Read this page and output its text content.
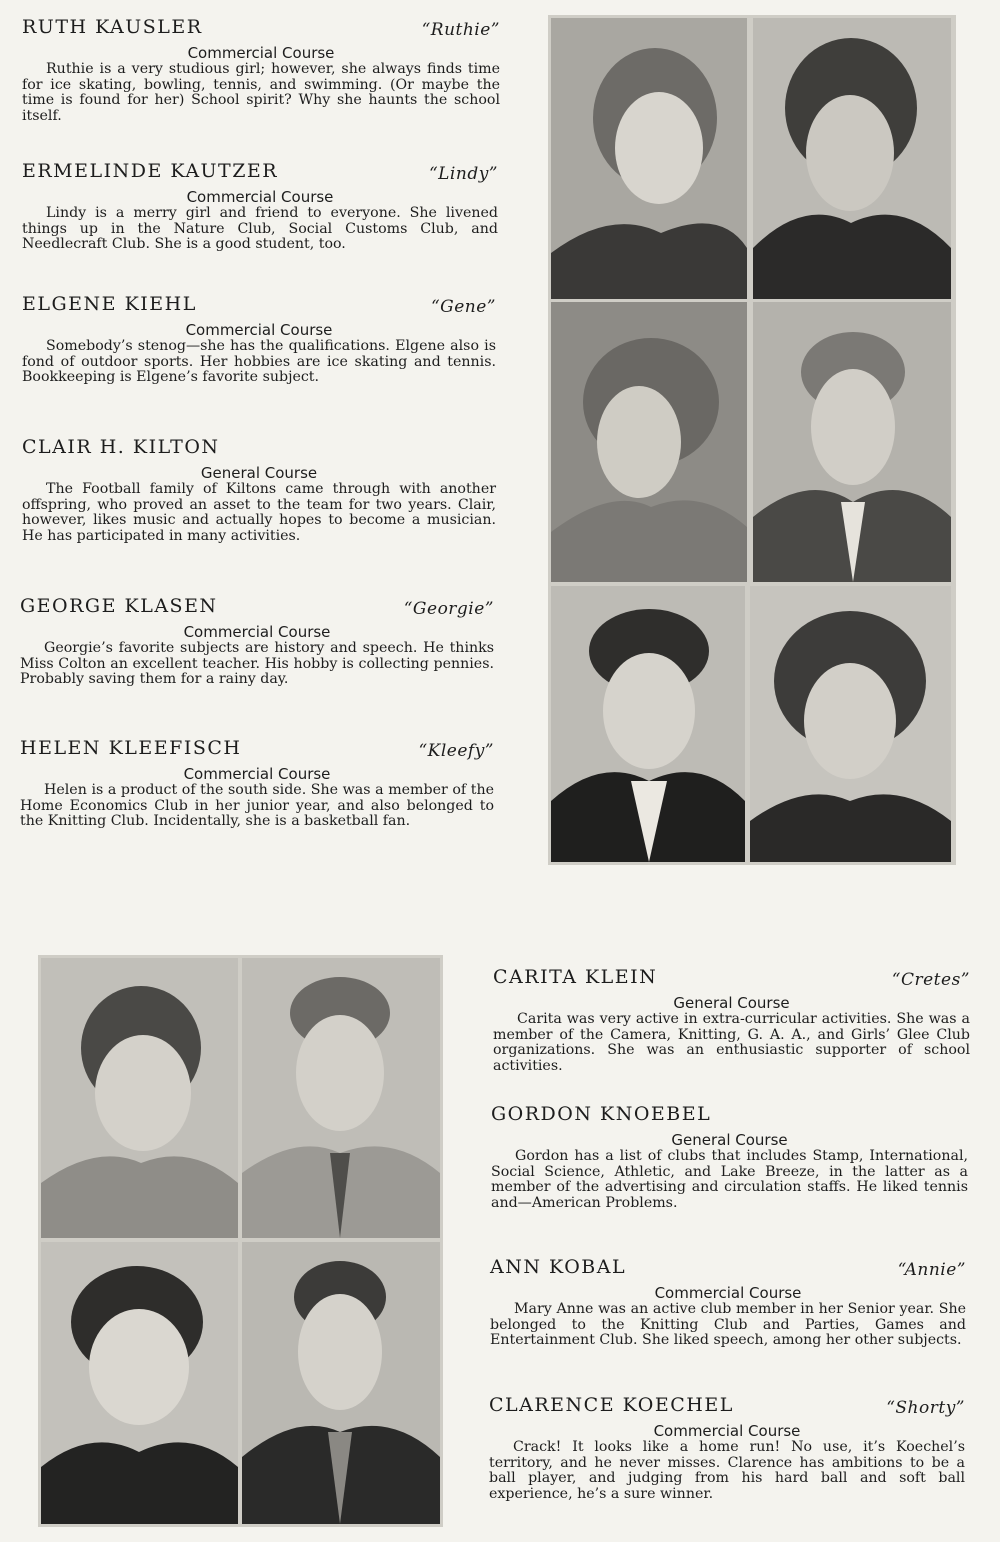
RUTH KAUSLER	“Ruthie”
Commercial Course
Ruthie is a very studious girl; however, she always finds time for ice skating, bowling, tennis, and swimming. (Or maybe the time is found for her) School spirit? Why she haunts the school itself.
ERMELINDE KAUTZER	“Lindy”
Commercial Course
Lindy is a merry girl and friend to everyone. She livened things up in the Nature Club, Social Customs Club, and Needlecraft Club. She is a good student, too.
ELGENE KIEHL	“Gene”
Commercial Course
Somebody’s stenog—she has the qualifications. Elgene also is fond of outdoor sports. Her hobbies are ice skating and tennis. Bookkeeping is Elgene’s favorite subject.
CLAIR H. KILTON
General Course
The Football family of Kiltons came through with another offspring, who proved an asset to the team for two years. Clair, however, likes music and actually hopes to become a musician. He has participated in many activities.
GEORGE KLASEN	“Georgie”
Commercial Course
Georgie’s favorite subjects are history and speech. He thinks Miss Colton an excellent teacher. His hobby is collecting pennies. Probably saving them for a rainy day.
HELEN KLEEFISCH	“Kleefy”
Commercial Course
Helen is a product of the south side. She was a member of the Home Economics Club in her junior year, and also belonged to the Knitting Club. Incidentally, she is a basketball fan.
CARITA KLEIN	“Cretes”
General Course
Carita was very active in extra-curricular activities. She was a member of the Camera, Knitting, G. A. A., and Girls’ Glee Club organizations. She was an enthusiastic supporter of school activities.
GORDON KNOEBEL
General Course
Gordon has a list of clubs that includes Stamp, International, Social Science, Athletic, and Lake Breeze, in the latter as a member of the advertising and circulation staffs. He liked tennis and—American Problems.
ANN KOBAL	“Annie”
Commercial Course
Mary Anne was an active club member in her Senior year. She belonged to the Knitting Club and Parties, Games and Entertainment Club. She liked speech, among her other subjects.
CLARENCE KOECHEL	“Shorty”
Commercial Course
Crack! It looks like a home run! No use, it’s Koechel’s territory, and he never misses. Clarence has ambitions to be a ball player, and judging from his hard ball and soft ball experience, he’s a sure winner.
